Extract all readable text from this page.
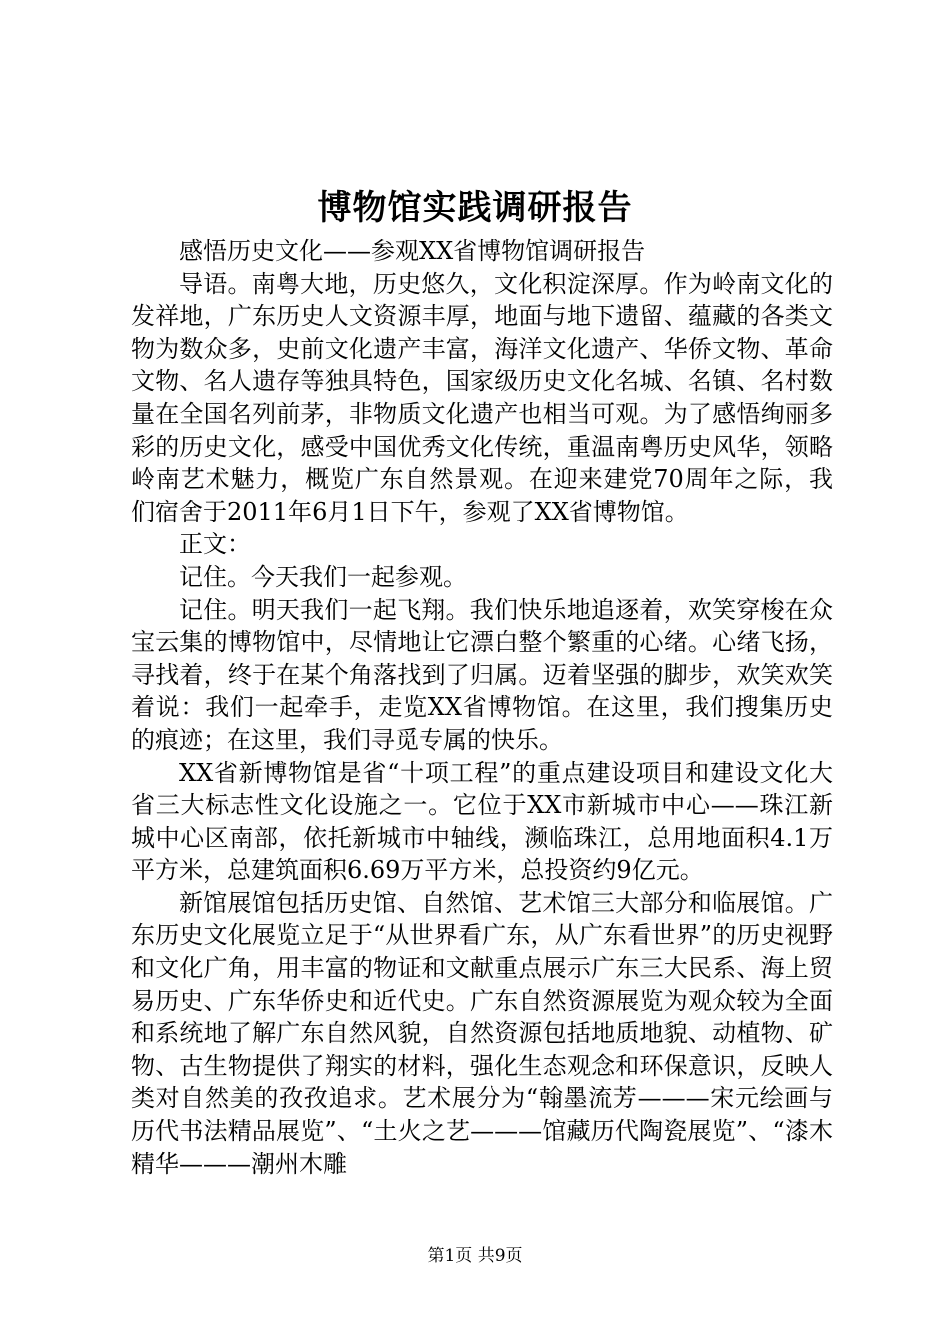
博物馆实践调研报告

感悟历史文化——参观XX省博物馆调研报告

导语。南粤大地，历史悠久，文化积淀深厚。作为岭南文化的发祥地，广东历史人文资源丰厚，地面与地下遗留、蕴藏的各类文物为数众多，史前文化遗产丰富，海洋文化遗产、华侨文物、革命文物、名人遗存等独具特色，国家级历史文化名城、名镇、名村数量在全国名列前茅，非物质文化遗产也相当可观。为了感悟绚丽多彩的历史文化，感受中国优秀文化传统，重温南粤历史风华，领略岭南艺术魅力，概览广东自然景观。在迎来建党70周年之际，我们宿舍于2011年6月1日下午，参观了XX省博物馆。

正文：

记住。今天我们一起参观。

记住。明天我们一起飞翔。我们快乐地追逐着，欢笑穿梭在众宝云集的博物馆中，尽情地让它漂白整个繁重的心绪。心绪飞扬，寻找着，终于在某个角落找到了归属。迈着坚强的脚步，欢笑欢笑着说：我们一起牵手，走览XX省博物馆。在这里，我们搜集历史的痕迹；在这里，我们寻觅专属的快乐。

XX省新博物馆是省“十项工程”的重点建设项目和建设文化大省三大标志性文化设施之一。它位于XX市新城市中心——珠江新城中心区南部，依托新城市中轴线，濒临珠江，总用地面积4.1万平方米，总建筑面积6.69万平方米，总投资约9亿元。

新馆展馆包括历史馆、自然馆、艺术馆三大部分和临展馆。广东历史文化展览立足于“从世界看广东，从广东看世界”的历史视野和文化广角，用丰富的物证和文献重点展示广东三大民系、海上贸易历史、广东华侨史和近代史。广东自然资源展览为观众较为全面和系统地了解广东自然风貌，自然资源包括地质地貌、动植物、矿物、古生物提供了翔实的材料，强化生态观念和环保意识，反映人类对自然美的孜孜追求。艺术展分为“翰墨流芳———宋元绘画与历代书法精品展览”、“土火之艺———馆藏历代陶瓷展览”、“漆木精华———潮州木雕

第1页 共9页
